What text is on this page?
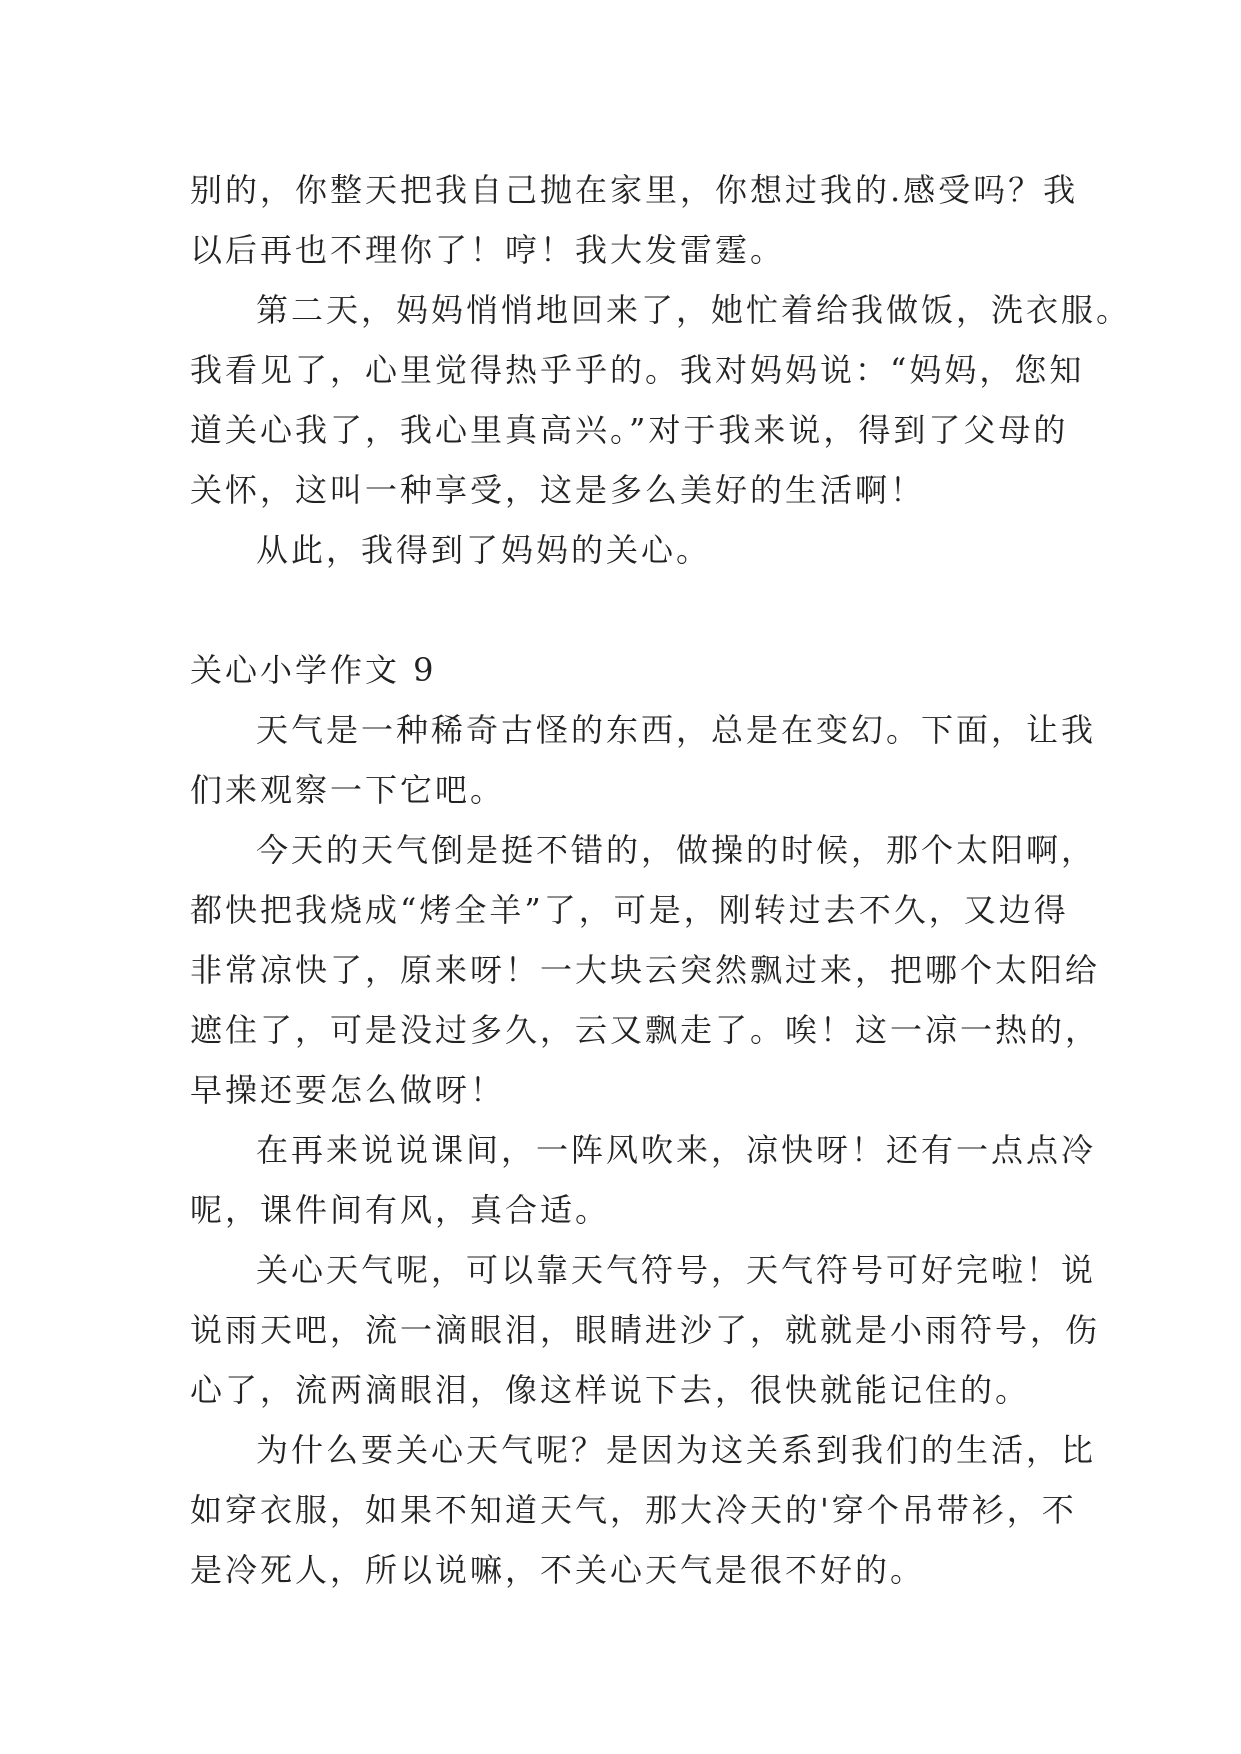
别的，你整天把我自己抛在家里，你想过我的.感受吗？我
以后再也不理你了！哼！我大发雷霆。
第二天，妈妈悄悄地回来了，她忙着给我做饭，洗衣服。
我看见了，心里觉得热乎乎的。我对妈妈说：“妈妈，您知
道关心我了，我心里真高兴。”对于我来说，得到了父母的
关怀，这叫一种享受，这是多么美好的生活啊！
从此，我得到了妈妈的关心。
关心小学作文 9
天气是一种稀奇古怪的东西，总是在变幻。下面，让我
们来观察一下它吧。
今天的天气倒是挺不错的，做操的时候，那个太阳啊，
都快把我烧成“烤全羊”了，可是，刚转过去不久，又边得
非常凉快了，原来呀！一大块云突然飘过来，把哪个太阳给
遮住了，可是没过多久，云又飘走了。唉！这一凉一热的，
早操还要怎么做呀！
在再来说说课间，一阵风吹来，凉快呀！还有一点点冷
呢，课件间有风，真合适。
关心天气呢，可以靠天气符号，天气符号可好完啦！说
说雨天吧，流一滴眼泪，眼睛进沙了，就就是小雨符号，伤
心了，流两滴眼泪，像这样说下去，很快就能记住的。
为什么要关心天气呢？是因为这关系到我们的生活，比
如穿衣服，如果不知道天气，那大冷天的'穿个吊带衫，不
是冷死人，所以说嘛，不关心天气是很不好的。
